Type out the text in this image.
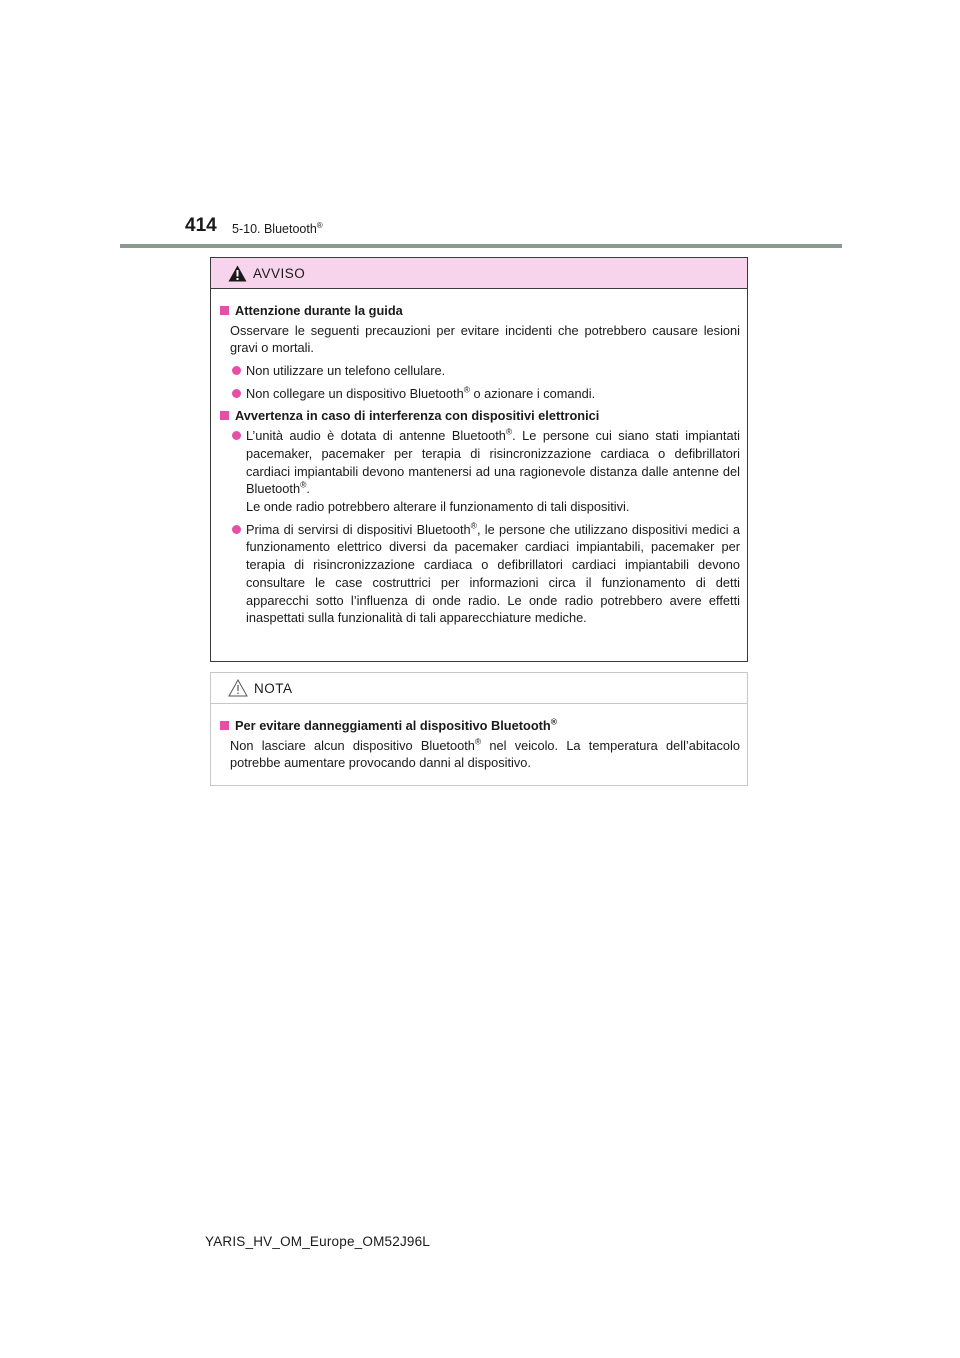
414 5-10. Bluetooth®
AVVISO
Attenzione durante la guida
Osservare le seguenti precauzioni per evitare incidenti che potrebbero causare lesioni gravi o mortali.
Non utilizzare un telefono cellulare.
Non collegare un dispositivo Bluetooth® o azionare i comandi.
Avvertenza in caso di interferenza con dispositivi elettronici
L’unità audio è dotata di antenne Bluetooth®. Le persone cui siano stati impiantati pacemaker, pacemaker per terapia di risincronizzazione cardiaca o defibrillatori cardiaci impiantabili devono mantenersi ad una ragionevole distanza dalle antenne del Bluetooth®.
Le onde radio potrebbero alterare il funzionamento di tali dispositivi.
Prima di servirsi di dispositivi Bluetooth®, le persone che utilizzano dispositivi medici a funzionamento elettrico diversi da pacemaker cardiaci impiantabili, pacemaker per terapia di risincronizzazione cardiaca o defibrillatori cardiaci impiantabili devono consultare le case costruttrici per informazioni circa il funzionamento di detti apparecchi sotto l’influenza di onde radio. Le onde radio potrebbero avere effetti inaspettati sulla funzionalità di tali apparecchiature mediche.
NOTA
Per evitare danneggiamenti al dispositivo Bluetooth®
Non lasciare alcun dispositivo Bluetooth® nel veicolo. La temperatura dell’abitacolo potrebbe aumentare provocando danni al dispositivo.
YARIS_HV_OM_Europe_OM52J96L
